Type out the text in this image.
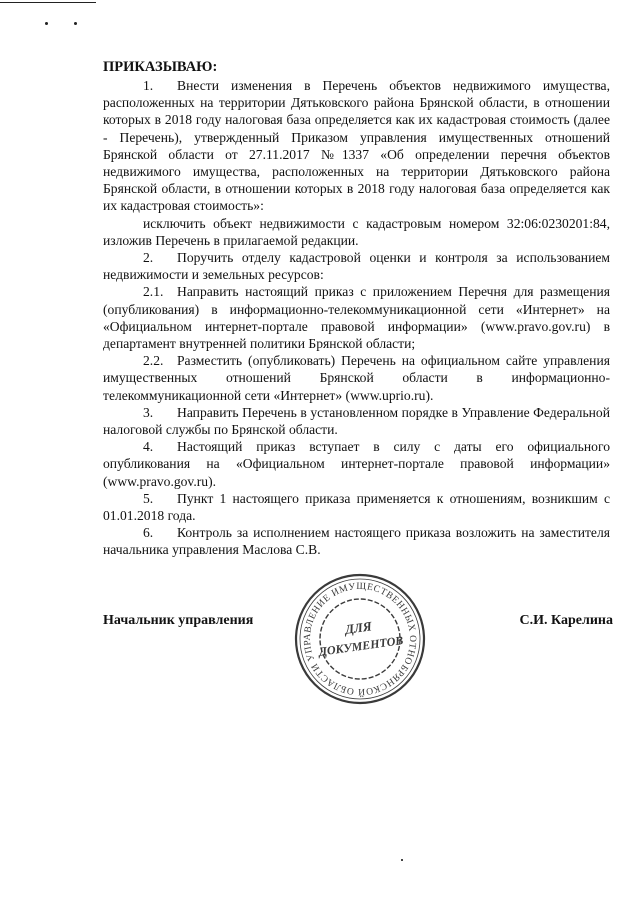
ПРИКАЗЫВАЮ:

1. Внести изменения в Перечень объектов недвижимого имущества, расположенных на территории Дятьковского района Брянской области, в отношении которых в 2018 году налоговая база определяется как их кадастровая стоимость (далее - Перечень), утвержденный Приказом управления имущественных отношений Брянской области от 27.11.2017 №1337 «Об определении перечня объектов недвижимого имущества, расположенных на территории Дятьковского района Брянской области, в отношении которых в 2018 году налоговая база определяется как их кадастровая стоимость»:

исключить объект недвижимости с кадастровым номером 32:06:0230201:84, изложив Перечень в прилагаемой редакции.

2. Поручить отделу кадастровой оценки и контроля за использованием недвижимости и земельных ресурсов:

2.1. Направить настоящий приказ с приложением Перечня для размещения (опубликования) в информационно-телекоммуникационной сети «Интернет» на «Официальном интернет-портале правовой информации» (www.pravo.gov.ru) в департамент внутренней политики Брянской области;

2.2. Разместить (опубликовать) Перечень на официальном сайте управления имущественных отношений Брянской области в информационно-телекоммуникационной сети «Интернет» (www.uprio.ru).

3. Направить Перечень в установленном порядке в Управление Федеральной налоговой службы по Брянской области.

4. Настоящий приказ вступает в силу с даты его официального опубликования на «Официальном интернет-портале правовой информации» (www.pravo.gov.ru).

5. Пункт 1 настоящего приказа применяется к отношениям, возникшим с 01.01.2018 года.

6. Контроль за исполнением настоящего приказа возложить на заместителя начальника управления Маслова С.В.

Начальник управления	С.И. Карелина
БРЯНСКОЙ ОБЛАСТИ УПРАВЛЕНИЕ ИМУЩЕСТВЕННЫХ ОТНОШЕНИЙ
ДЛЯ
ДОКУМЕНТОВ
